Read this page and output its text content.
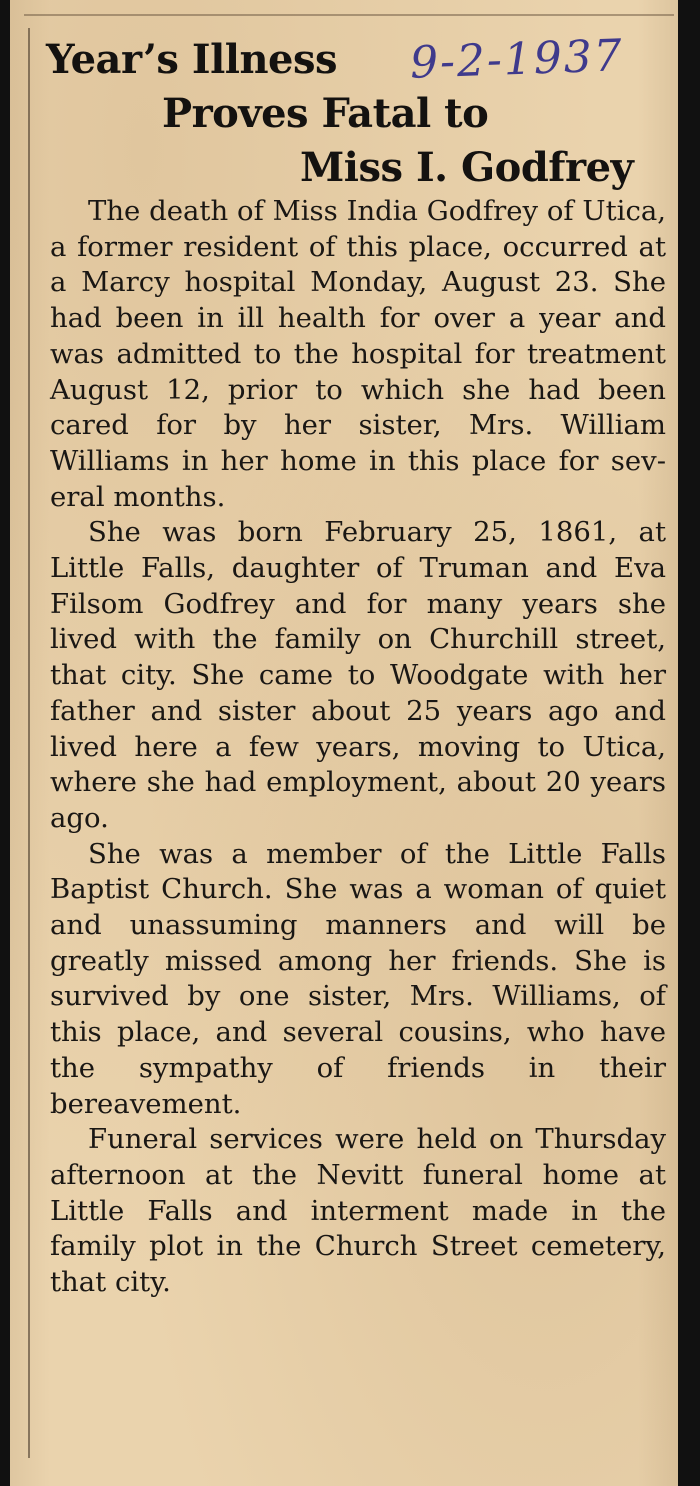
Year’s Illness
Proves Fatal to
Miss I. Godfrey
9-2-1937

The death of Miss India Godfrey of Utica, a former resident of this place, occurred at a Marcy hospital Monday, August 23. She had been in ill health for over a year and was admitted to the hospital for treatment August 12, prior to which she had been cared for by her sister, Mrs. William Williams in her home in this place for several months.

She was born February 25, 1861, at Little Falls, daughter of Truman and Eva Filsom Godfrey and for many years she lived with the family on Churchill street, that city. She came to Woodgate with her father and sister about 25 years ago and lived here a few years, moving to Utica, where she had employment, about 20 years ago.

She was a member of the Little Falls Baptist Church. She was a woman of quiet and unassuming manners and will be greatly missed among her friends. She is survived by one sister, Mrs. Williams, of this place, and several cousins, who have the sympathy of friends in their bereavement.

Funeral services were held on Thursday afternoon at the Nevitt funeral home at Little Falls and interment made in the family plot in the Church Street cemetery, that city.
